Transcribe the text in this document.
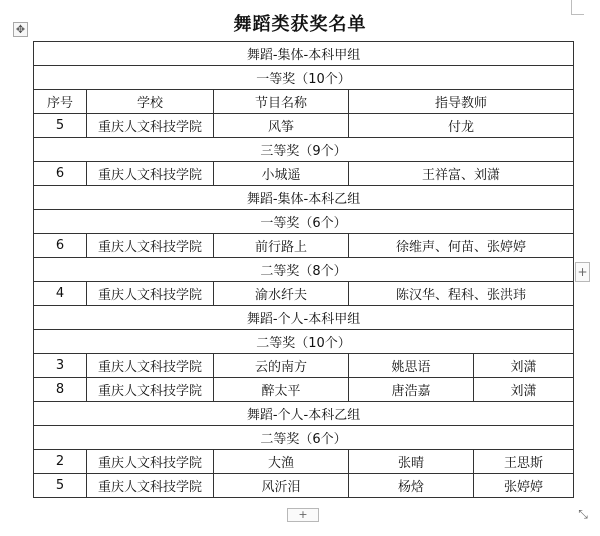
✥	舞蹈类获奖名单
舞蹈-集体-本科甲组				
一等奖（10个）				
序号	学校	节目名称	指导教师	
5	重庆人文科技学院	风筝	付龙	
三等奖（9个）				
6	重庆人文科技学院	小城遥	王祥富、刘潇	
舞蹈-集体-本科乙组				
一等奖（6个）				
6	重庆人文科技学院	前行路上	徐维声、何苗、张婷婷	
二等奖（8个）				
4	重庆人文科技学院	渝水纤夫	陈汉华、程科、张洪玮	
舞蹈-个人-本科甲组				
二等奖（10个）				
3	重庆人文科技学院	云的南方	姚思语	刘潇
8	重庆人文科技学院	醉太平	唐浩嘉	刘潇
舞蹈-个人-本科乙组				
二等奖（6个）				
2	重庆人文科技学院	大渔	张晴	王思斯
5	重庆人文科技学院	风沂泪	杨焓	张婷婷
+
+	⤡
